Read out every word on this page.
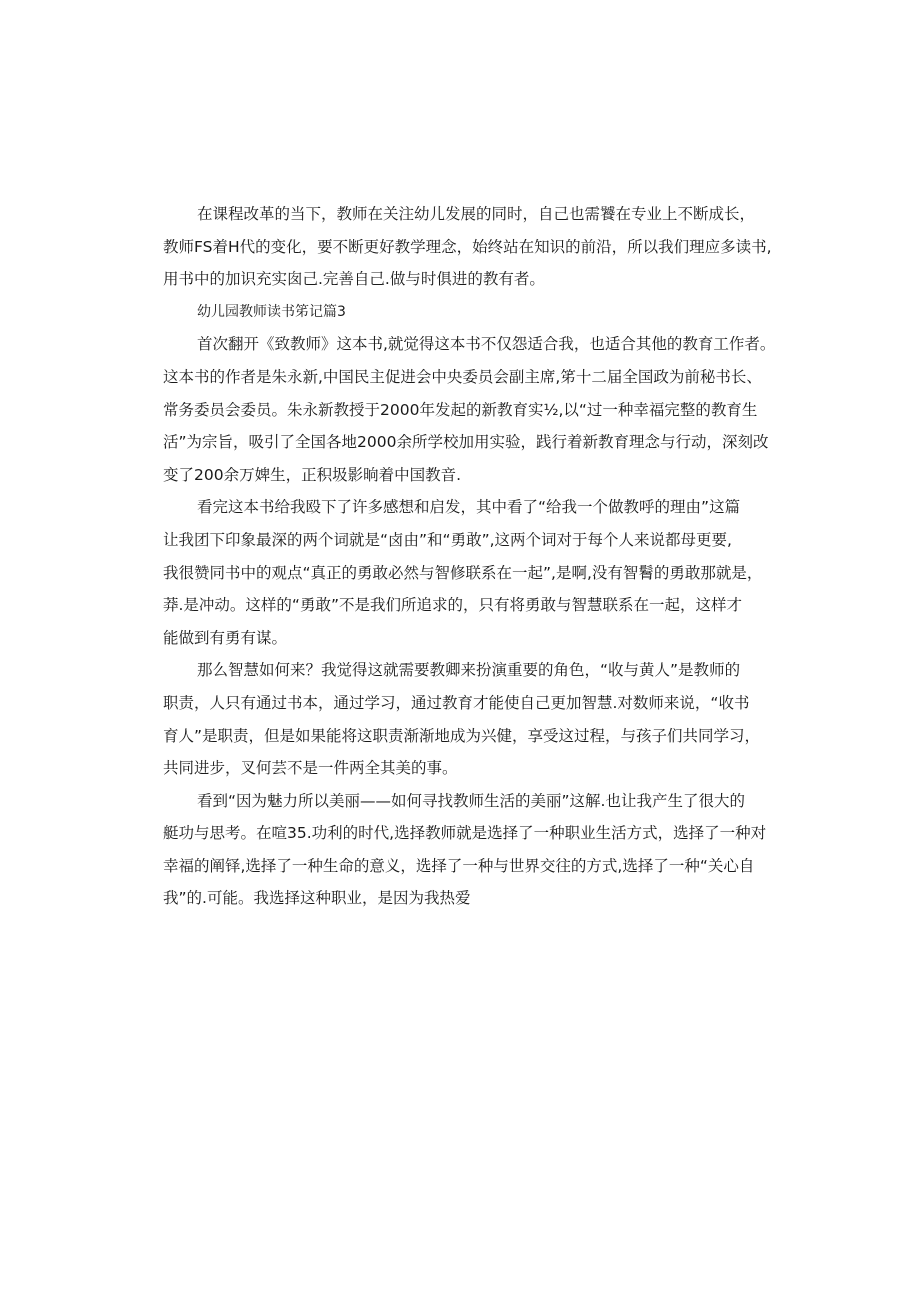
在课程改革的当下，教师在关注幼儿发展的同时，自己也需饕在专业上不断成长，
教师FS着H代的变化，要不断更好教学理念，始终站在知识的前沿，所以我们理应多读书,
用书中的加识充实囱己.完善自己.做与时俱进的教有者。

幼儿园教师读书笫记篇3

首次翻开《致教师》这本书,就觉得这本书不仅怨适合我，也适合其他的教育工作者。
这本书的作者是朱永新,中国民主促进会中央委员会副主席,笫十二届全国政为前秘书长、
常务委员会委员。朱永新教授于2000年发起的新教育实½,以“过一种幸福完整的教育生
活”为宗旨，吸引了全国各地2000余所学校加用实验，践行着新教育理念与行动，深刻改
变了200余万婢生，正积圾影晌着中国教音.

看完这本书给我殴下了许多感想和启发，其中看了“给我一个做教呼的理由”这篇
让我团下印象最深的两个词就是“卤由”和“勇敢”,这两个词对于每个人来说都母更要,
我很赞同书中的观点“真正的勇敢必然与智修联系在一起”,是啊,没有智鬌的勇敢那就是，
莽.是冲动。这样的“勇敢”不是我们所追求的，只有将勇敢与智慧联系在一起，这样才
能做到有勇有谋。

那么智慧如何来？我觉得这就需要教卿来扮演重要的角色，“收与黄人”是教师的
职责，人只有通过书本，通过学习，通过教育才能使自己更加智慧.对数师来说，“收书
育人”是职责，但是如果能将这职责渐渐地成为兴健，享受这过程，与孩子们共同学习，
共同进步，叉何芸不是一件两全其美的事。

看到“因为魅力所以美丽——如何寻找教师生活的美丽”这解.也让我产生了很大的
艇功与思考。在喧35.功利的时代,选择教师就是选择了一种职业生活方式，选择了一种对
幸福的阐铎,选择了一种生命的意义，选择了一种与世界交往的方式,选择了一种“关心自
我”的.可能。我选择这种职业，是因为我热爱
